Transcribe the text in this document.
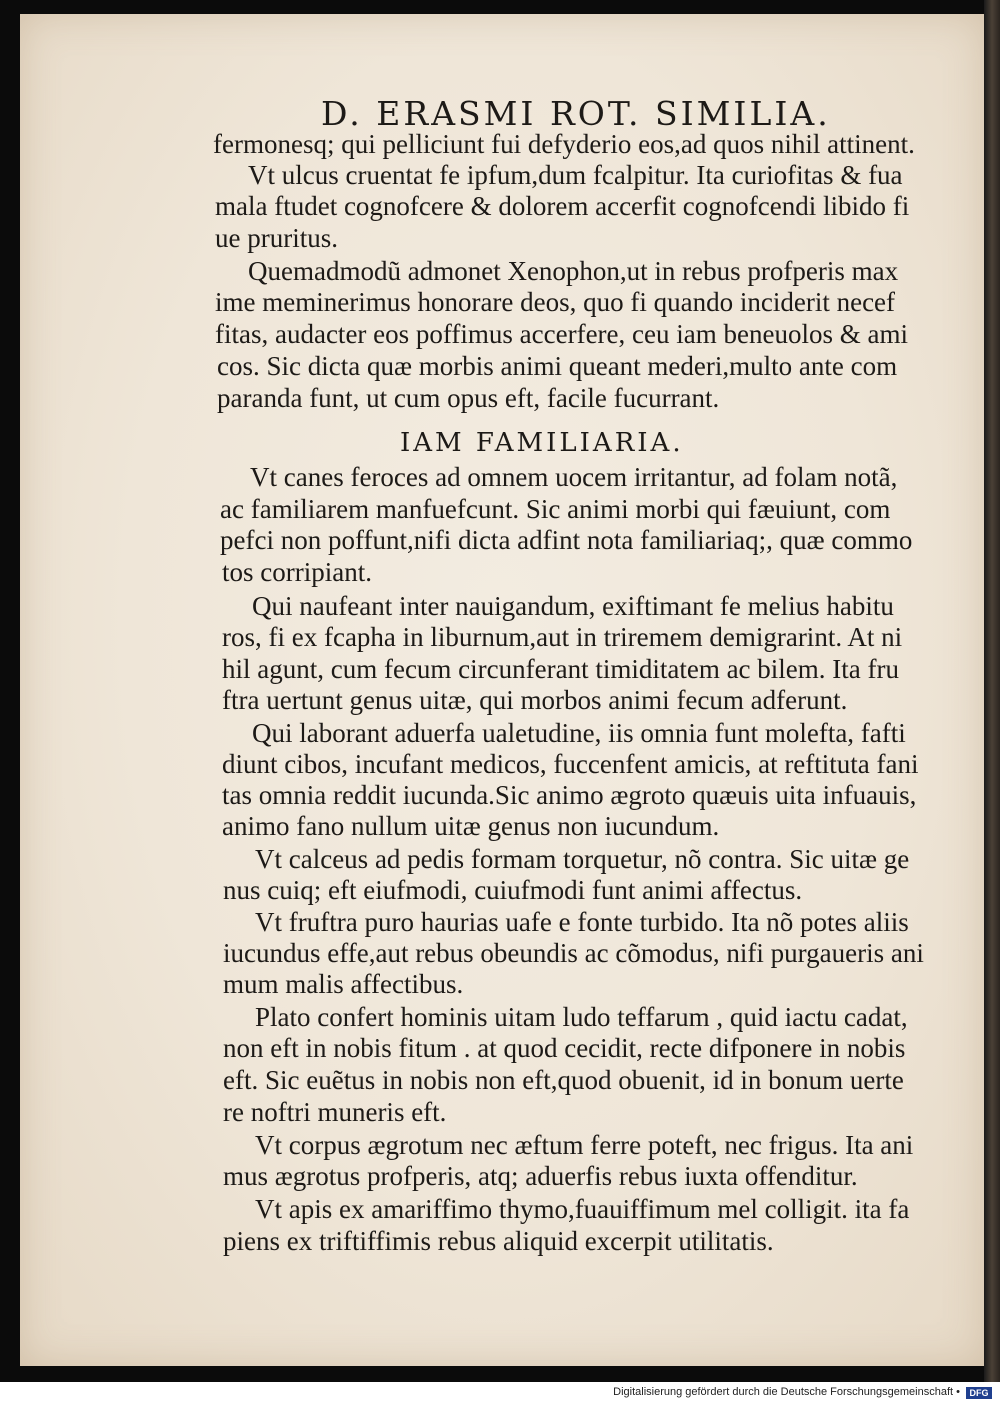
D. ERASMI ROT. SIMILIA.
fermonesq; qui pelliciunt fui defyderio eos,ad quos nihil attinent.
Vt ulcus cruentat fe ipfum,dum fcalpitur. Ita curiofitas & fua
mala ftudet cognofcere & dolorem accerfit cognofcendi libido fi
ue pruritus.
Quemadmodũ admonet Xenophon,ut in rebus profperis max
ime meminerimus honorare deos, quo fi quando inciderit necef
fitas, audacter eos poffimus accerfere, ceu iam beneuolos & ami
cos. Sic dicta quæ morbis animi queant mederi,multo ante com
paranda funt, ut cum opus eft, facile fucurrant.
IAM FAMILIARIA.
Vt canes feroces ad omnem uocem irritantur, ad folam notã,
ac familiarem manfuefcunt. Sic animi morbi qui fæuiunt, com
pefci non poffunt,nifi dicta adfint nota familiariaq;, quæ commo
tos corripiant.
Qui naufeant inter nauigandum, exiftimant fe melius habitu
ros, fi ex fcapha in liburnum,aut in triremem demigrarint. At ni
hil agunt, cum fecum circunferant timiditatem ac bilem. Ita fru
ftra uertunt genus uitæ, qui morbos animi fecum adferunt.
Qui laborant aduerfa ualetudine, iis omnia funt molefta, fafti
diunt cibos, incufant medicos, fuccenfent amicis, at reftituta fani
tas omnia reddit iucunda.Sic animo ægroto quæuis uita infuauis,
animo fano nullum uitæ genus non iucundum.
Vt calceus ad pedis formam torquetur, nõ contra. Sic uitæ ge
nus cuiq; eft eiufmodi, cuiufmodi funt animi affectus.
Vt fruftra puro haurias uafe e fonte turbido. Ita nõ potes aliis
iucundus effe,aut rebus obeundis ac cõmodus, nifi purgaueris ani
mum malis affectibus.
Plato confert hominis uitam ludo teffarum , quid iactu cadat,
non eft in nobis fitum . at quod cecidit, recte difponere in nobis
eft. Sic euẽtus in nobis non eft,quod obuenit, id in bonum uerte
re noftri muneris eft.
Vt corpus ægrotum nec æftum ferre poteft, nec frigus. Ita ani
mus ægrotus profperis, atq; aduerfis rebus iuxta offenditur.
Vt apis ex amariffimo thymo,fuauiffimum mel colligit. ita fa
piens ex triftiffimis rebus aliquid excerpit utilitatis.
Digitalisierung gefördert durch die Deutsche Forschungsgemeinschaft •	DFG
